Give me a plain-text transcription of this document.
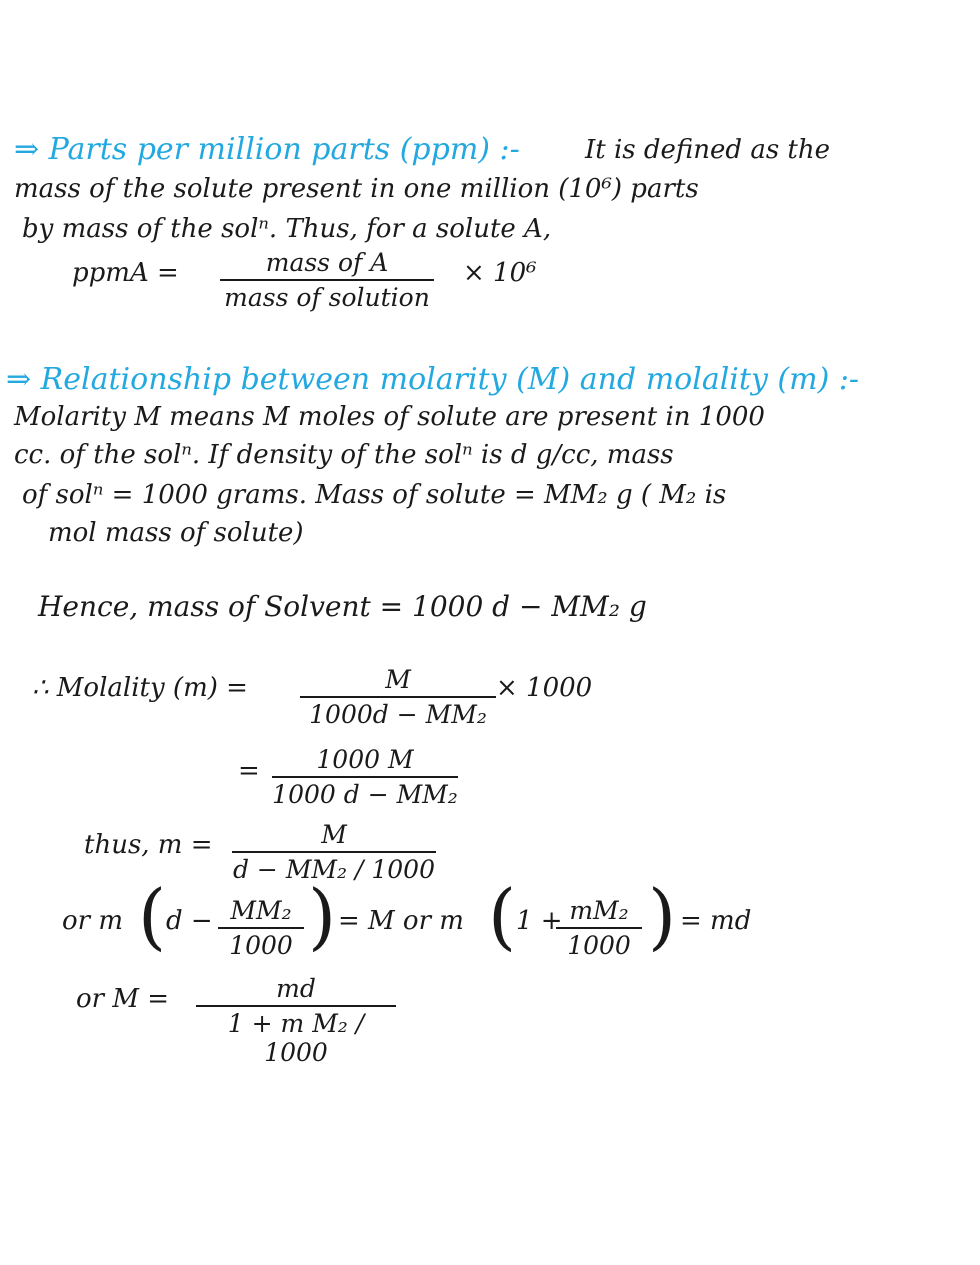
⇒ Parts per million parts (ppm) :-	It is defined as the
mass of the solute present in one million (10⁶) parts
by mass of the solⁿ. Thus, for a solute A,
ppmA =	mass of A
mass of solution
× 10⁶
⇒ Relationship between molarity (M) and molality (m) :-
Molarity M means M moles of solute are present in 1000
cc. of the solⁿ. If density of the solⁿ is d g/cc, mass
of solⁿ = 1000 grams. Mass of solute = MM₂ g ( M₂ is
mol mass of solute)
Hence, mass of Solvent = 1000 d − MM₂ g
∴ Molality (m) =	M
1000d − MM₂
× 1000
=	1000 M
1000 d − MM₂
thus, m =	M
d − MM₂ / 1000
or m ( d − MM₂
1000 ) = M or m ( 1 + mM₂
1000 ) = md
or M =	md
1 + m M₂ / 1000
